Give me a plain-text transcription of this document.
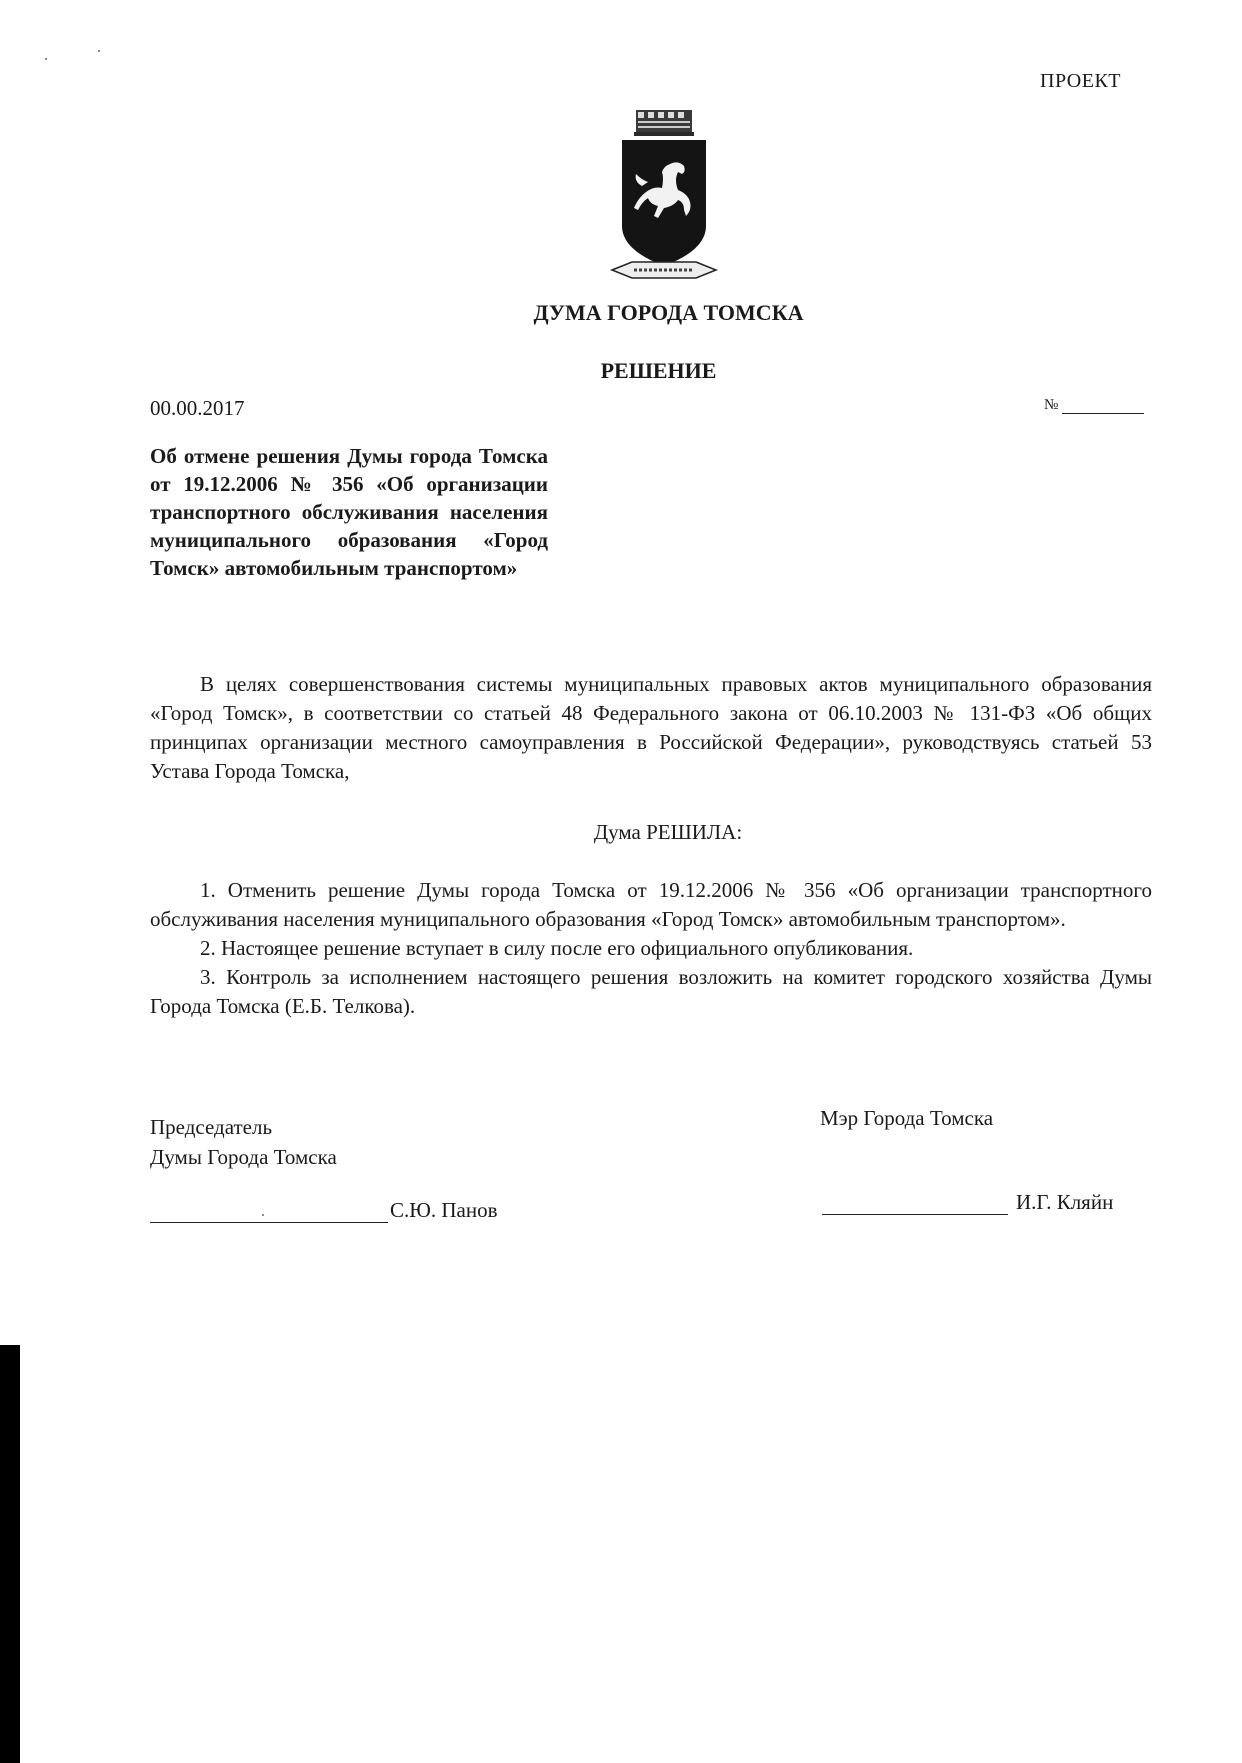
ПРОЕКТ
ДУМА ГОРОДА ТОМСКА
РЕШЕНИЕ
00.00.2017	№
Об отмене решения Думы города Томска от 19.12.2006 № 356 «Об организации транспортного обслуживания населения муниципального образования «Город Томск» автомобильным транспортом»
В целях совершенствования системы муниципальных правовых актов муниципального образования «Город Томск», в соответствии со статьей 48 Федерального закона от 06.10.2003 № 131-ФЗ «Об общих принципах организации местного самоуправления в Российской Федерации», руководствуясь статьей 53 Устава Города Томска,
Дума РЕШИЛА:

1. Отменить решение Думы города Томска от 19.12.2006 № 356 «Об организации транспортного обслуживания населения муниципального образования «Город Томск» автомобильным транспортом».

2. Настоящее решение вступает в силу после его официального опубликования.

3. Контроль за исполнением настоящего решения возложить на комитет городского хозяйства Думы Города Томска (Е.Б. Телкова).

Председатель
Думы Города Томска
С.Ю. Панов
Мэр Города Томска
И.Г. Кляйн
